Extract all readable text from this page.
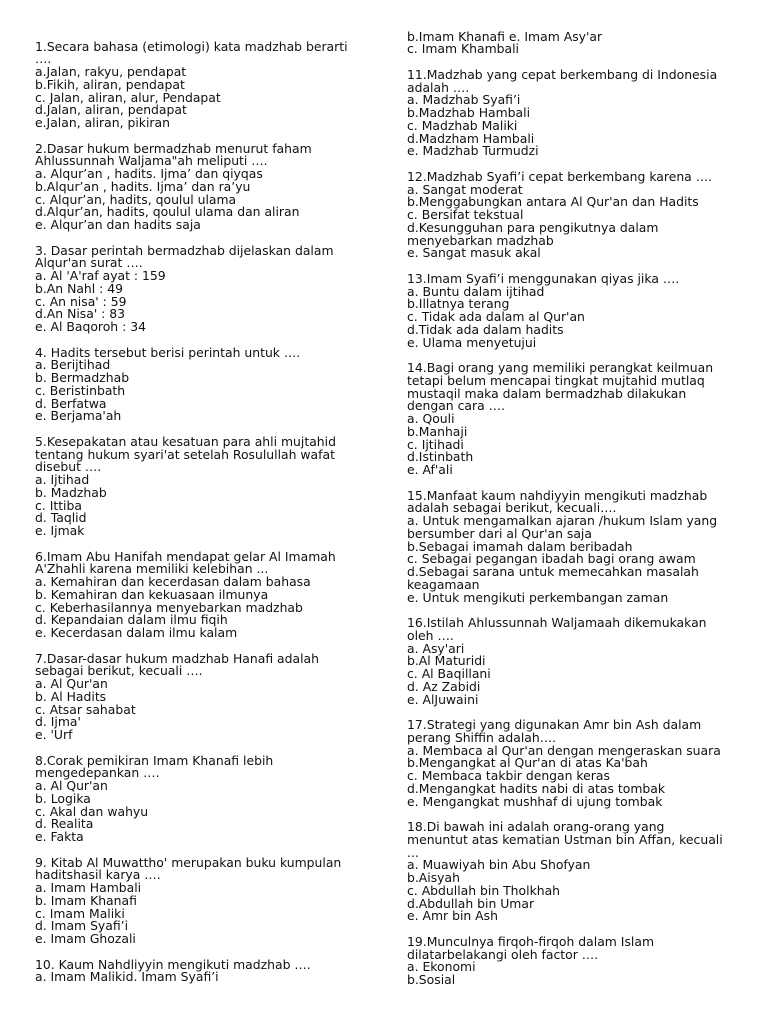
1.Secara bahasa (etimologi) kata madzhab berarti
….
a.Jalan, rakyu, pendapat
b.Fikih, aliran, pendapat
c. Jalan, aliran, alur, Pendapat
d.Jalan, aliran, pendapat
e.Jalan, aliran, pikiran
2.Dasar hukum bermadzhab menurut faham
Ahlussunnah Waljama"ah meliputi ….
a. Alqur’an , hadits. Ijma’ dan qiyqas
b.Alqur’an , hadits. Ijma’ dan ra’yu
c. Alqur’an, hadits, qoulul ulama
d.Alqur’an, hadits, qoulul ulama dan aliran
e. Alqur’an dan hadits saja
3. Dasar perintah bermadzhab dijelaskan dalam
Alqur'an surat ….
a. Al 'A'raf ayat : 159
b.An Nahl : 49
c. An nisa' : 59
d.An Nisa' : 83
e. Al Baqoroh : 34
4. Hadits tersebut berisi perintah untuk ….
a. Berijtihad
b. Bermadzhab
c. Beristinbath
d. Berfatwa
e. Berjama'ah
5.Kesepakatan atau kesatuan para ahli mujtahid
tentang hukum syari'at setelah Rosulullah wafat
disebut ….
a. Ijtihad
b. Madzhab
c. Ittiba
d. Taqlid
e. Ijmak
6.Imam Abu Hanifah mendapat gelar Al Imamah
A'Zhahli karena memiliki kelebihan ...
a. Kemahiran dan kecerdasan dalam bahasa
b. Kemahiran dan kekuasaan ilmunya
c. Keberhasilannya menyebarkan madzhab
d. Kepandaian dalam ilmu fiqih
e. Kecerdasan dalam ilmu kalam
7.Dasar-dasar hukum madzhab Hanafi adalah
sebagai berikut, kecuali ….
a. Al Qur'an
b. Al Hadits
c. Atsar sahabat
d. Ijma'
e. 'Urf
8.Corak pemikiran Imam Khanafi lebih
mengedepankan ….
a. Al Qur'an
b. Logika
c. Akal dan wahyu
d. Realita
e. Fakta
9. Kitab Al Muwattho' merupakan buku kumpulan
haditshasil karya ….
a. Imam Hambali
b. Imam Khanafi
c. Imam Maliki
d. Imam Syafi’i
e. Imam Ghozali
10. Kaum Nahdliyyin mengikuti madzhab ….
a. Imam Malikid. Imam Syafi’i
b.Imam Khanafi e. Imam Asy'ar
c. Imam Khambali
11.Madzhab yang cepat berkembang di Indonesia
adalah ….
a. Madzhab Syafi’i
b.Madzhab Hambali
c. Madzhab Maliki
d.Madzham Hambali
e. Madzhab Turmudzi
12.Madzhab Syafi’i cepat berkembang karena ….
a. Sangat moderat
b.Menggabungkan antara Al Qur'an dan Hadits
c. Bersifat tekstual
d.Kesungguhan para pengikutnya dalam
menyebarkan madzhab
e. Sangat masuk akal
13.Imam Syafi’i menggunakan qiyas jika ….
a. Buntu dalam ijtihad
b.Illatnya terang
c. Tidak ada dalam al Qur'an
d.Tidak ada dalam hadits
e. Ulama menyetujui
14.Bagi orang yang memiliki perangkat keilmuan
tetapi belum mencapai tingkat mujtahid mutlaq
mustaqil maka dalam bermadzhab dilakukan
dengan cara ….
a. Qouli
b.Manhaji
c. Ijtihadi
d.Istinbath
e. Af'ali
15.Manfaat kaum nahdiyyin mengikuti madzhab
adalah sebagai berikut, kecuali….
a. Untuk mengamalkan ajaran /hukum Islam yang
bersumber dari al Qur'an saja
b.Sebagai imamah dalam beribadah
c. Sebagai pegangan ibadah bagi orang awam
d.Sebagai sarana untuk memecahkan masalah
keagamaan
e. Untuk mengikuti perkembangan zaman
16.Istilah Ahlussunnah Waljamaah dikemukakan
oleh ….
a. Asy'ari
b.Al Maturidi
c. Al Baqillani
d. Az Zabidi
e. AlJuwaini
17.Strategi yang digunakan Amr bin Ash dalam
perang Shiffin adalah….
a. Membaca al Qur'an dengan mengeraskan suara
b.Mengangkat al Qur'an di atas Ka'bah
c. Membaca takbir dengan keras
d.Mengangkat hadits nabi di atas tombak
e. Mengangkat mushhaf di ujung tombak
18.Di bawah ini adalah orang-orang yang
menuntut atas kematian Ustman bin Affan, kecuali
...
a. Muawiyah bin Abu Shofyan
b.Aisyah
c. Abdullah bin Tholkhah
d.Abdullah bin Umar
e. Amr bin Ash
19.Munculnya firqoh-firqoh dalam Islam
dilatarbelakangi oleh factor ….
a. Ekonomi
b.Sosial
